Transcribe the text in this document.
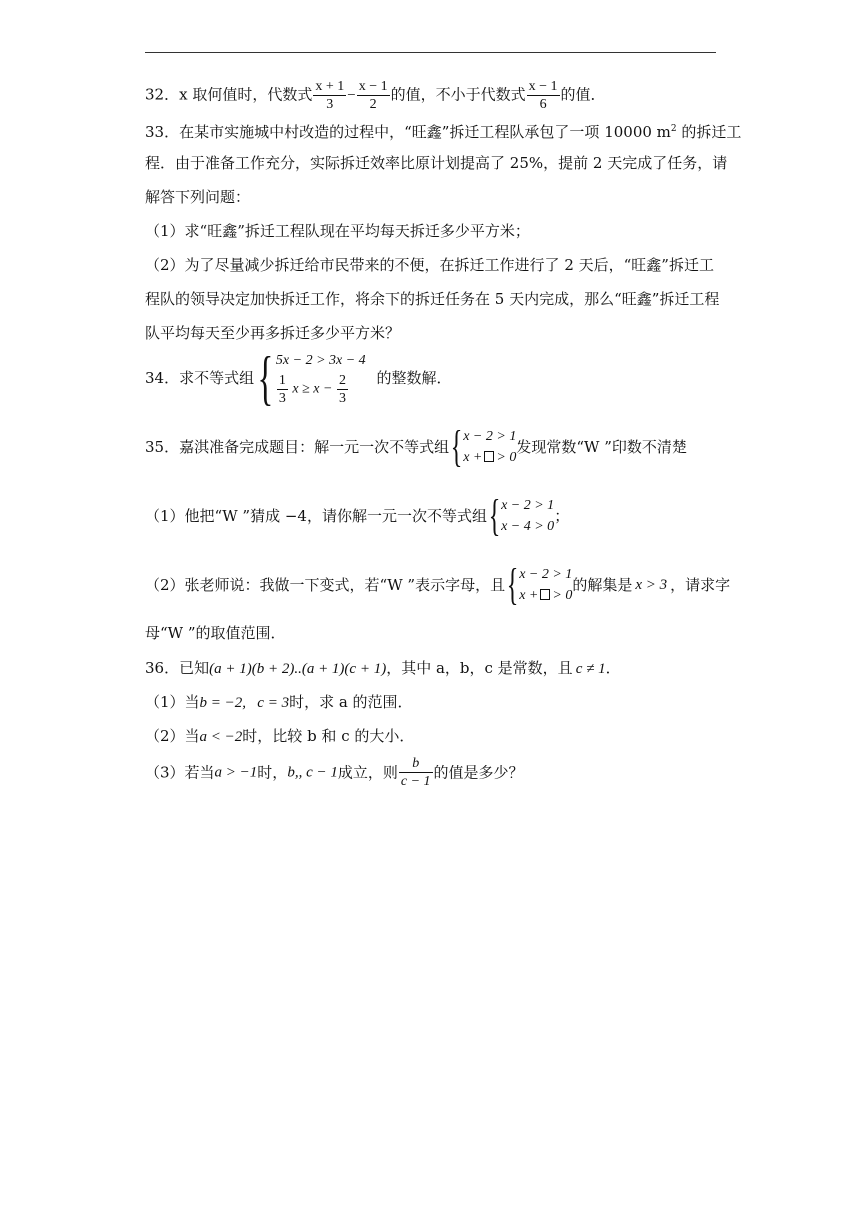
32．x 取何值时，代数式 $\frac{x + 1}{3} - \frac{x - 1}{2}$ 的值，不小于代数式 $\frac{x - 1}{6}$ 的值．
33．在某市实施城中村改造的过程中，“旺鑫”拆迁工程队承包了一项 10000 $m^2$ 的拆迁工
程．由于准备工作充分，实际拆迁效率比原计划提高了 25%，提前 2 天完成了任务，请
解答下列问题：
（1）求“旺鑫”拆迁工程队现在平均每天拆迁多少平方米；
（2）为了尽量减少拆迁给市民带来的不便，在拆迁工作进行了 2 天后，“旺鑫”拆迁工
程队的领导决定加快拆迁工作，将余下的拆迁任务在 5 天内完成，那么“旺鑫”拆迁工程
队平均每天至少再多拆迁多少平方米？
34．求不等式组 { 5x − 2 > 3x − 4
$\frac{1}{3}$ $x \ge x - \frac{2}{3}$ 的整数解．
35．嘉淇准备完成题目：解一元一次不等式组 { x − 2 > 1
x + > 0
发现常数“W ”印数不清楚
（1）他把“W ”猜成 −4，请你解一元一次不等式组 { x − 2 > 1
x − 4 > 0
；
（2）张老师说：我做一下变式，若“W ”表示字母，且 { x − 2 > 1
x + > 0
的解集是 x > 3 ，请求字
母“W ”的取值范围．
36．已知(a + 1)(b + 2)..(a + 1)(c + 1)，其中 a，b，c 是常数，且 c ≠ 1．
（1）当b = −2,   c = 3时，求 a 的范围．
（2）当a < −2时，比较 b 和 c 的大小．
（3）若当a > −1时，b,, c − 1成立，则 $\frac{b}{c - 1}$ 的值是多少？
